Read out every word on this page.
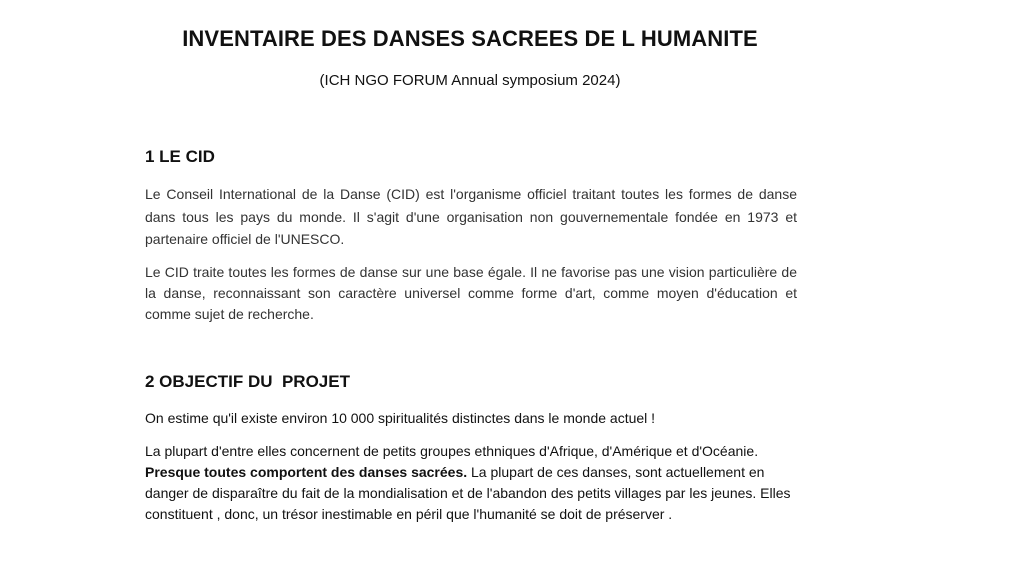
INVENTAIRE DES DANSES SACREES DE L HUMANITE
(ICH NGO FORUM Annual symposium 2024)
1 LE CID

Le Conseil International de la Danse (CID) est l'organisme officiel traitant toutes les formes de danse dans tous les pays du monde. Il s'agit d'une organisation non gouvernementale fondée en 1973 et partenaire officiel de l'UNESCO.

Le CID traite toutes les formes de danse sur une base égale. Il ne favorise pas une vision particulière de la danse, reconnaissant son caractère universel comme forme d'art, comme moyen d'éducation et comme sujet de recherche.

2 OBJECTIF DU  PROJET

On estime qu'il existe environ 10 000 spiritualités distinctes dans le monde actuel !

La plupart d'entre elles concernent de petits groupes ethniques d'Afrique, d'Amérique et d'Océanie. Presque toutes comportent des danses sacrées. La plupart de ces danses, sont actuellement en danger de disparaître du fait de la mondialisation et de l'abandon des petits villages par les jeunes. Elles constituent , donc, un trésor inestimable en péril que l'humanité se doit de préserver .
